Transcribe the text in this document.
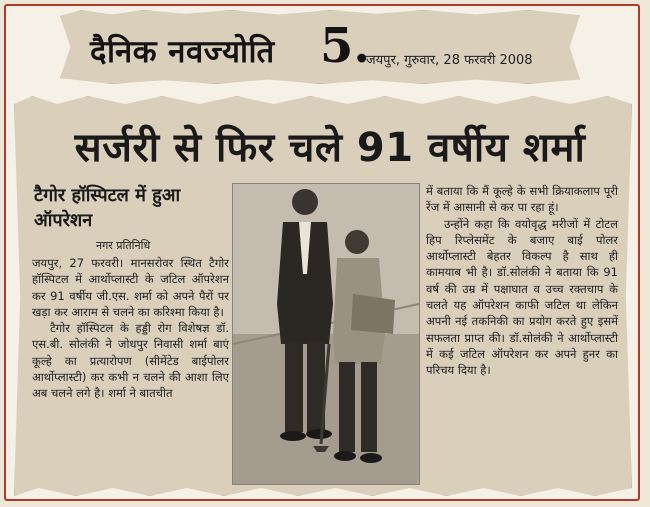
दैनिक नवज्योति 5.
जयपुर, गुरुवार, 28 फरवरी 2008
सर्जरी से फिर चले 91 वर्षीय शर्मा
टैगोर हॉस्पिटल में हुआ ऑपरेशन
नगर प्रतिनिधि

जयपुर, 27 फरवरी। मानसरोवर स्थित टैगोर हॉस्पिटल में आर्थोप्लास्टी के जटिल ऑपरेशन कर 91 वर्षीय जी.एस. शर्मा को अपने पैरों पर खड़ा कर आराम से चलने का करिश्मा किया है।

टैगोर हॉस्पिटल के हड्डी रोग विशेषज्ञ डॉ. एस.बी. सोलंकी ने जोधपुर निवासी शर्मा बाएं कूल्हे का प्रत्यारोपण (सीमेंटेड बाईपोलर आर्थोप्लास्टी) कर कभी न चलने की आशा लिए अब चलने लगे है। शर्मा ने बातचीत

में बताया कि मैं कूल्हे के सभी क्रियाकलाप पूरी रेंज में आसानी से कर पा रहा हूं।

उन्होंने कहा कि वयोवृद्ध मरीजों में टोटल हिप रिप्लेसमेंट के बजाए बाई पोलर आर्थोप्लास्टी बेहतर विकल्प है साथ ही कामयाब भी है। डॉ.सोलंकी ने बताया कि 91 वर्ष की उम्र में पक्षाघात व उच्च रक्तचाप के चलते यह ऑपरेशन काफी जटिल था लेकिन अपनी नई तकनिकी का प्रयोग करते हुए इसमें सफलता प्राप्त की। डॉ.सोलंकी ने आर्थोप्लास्टी में कई जटिल ऑपरेशन कर अपने हुनर का परिचय दिया है।
